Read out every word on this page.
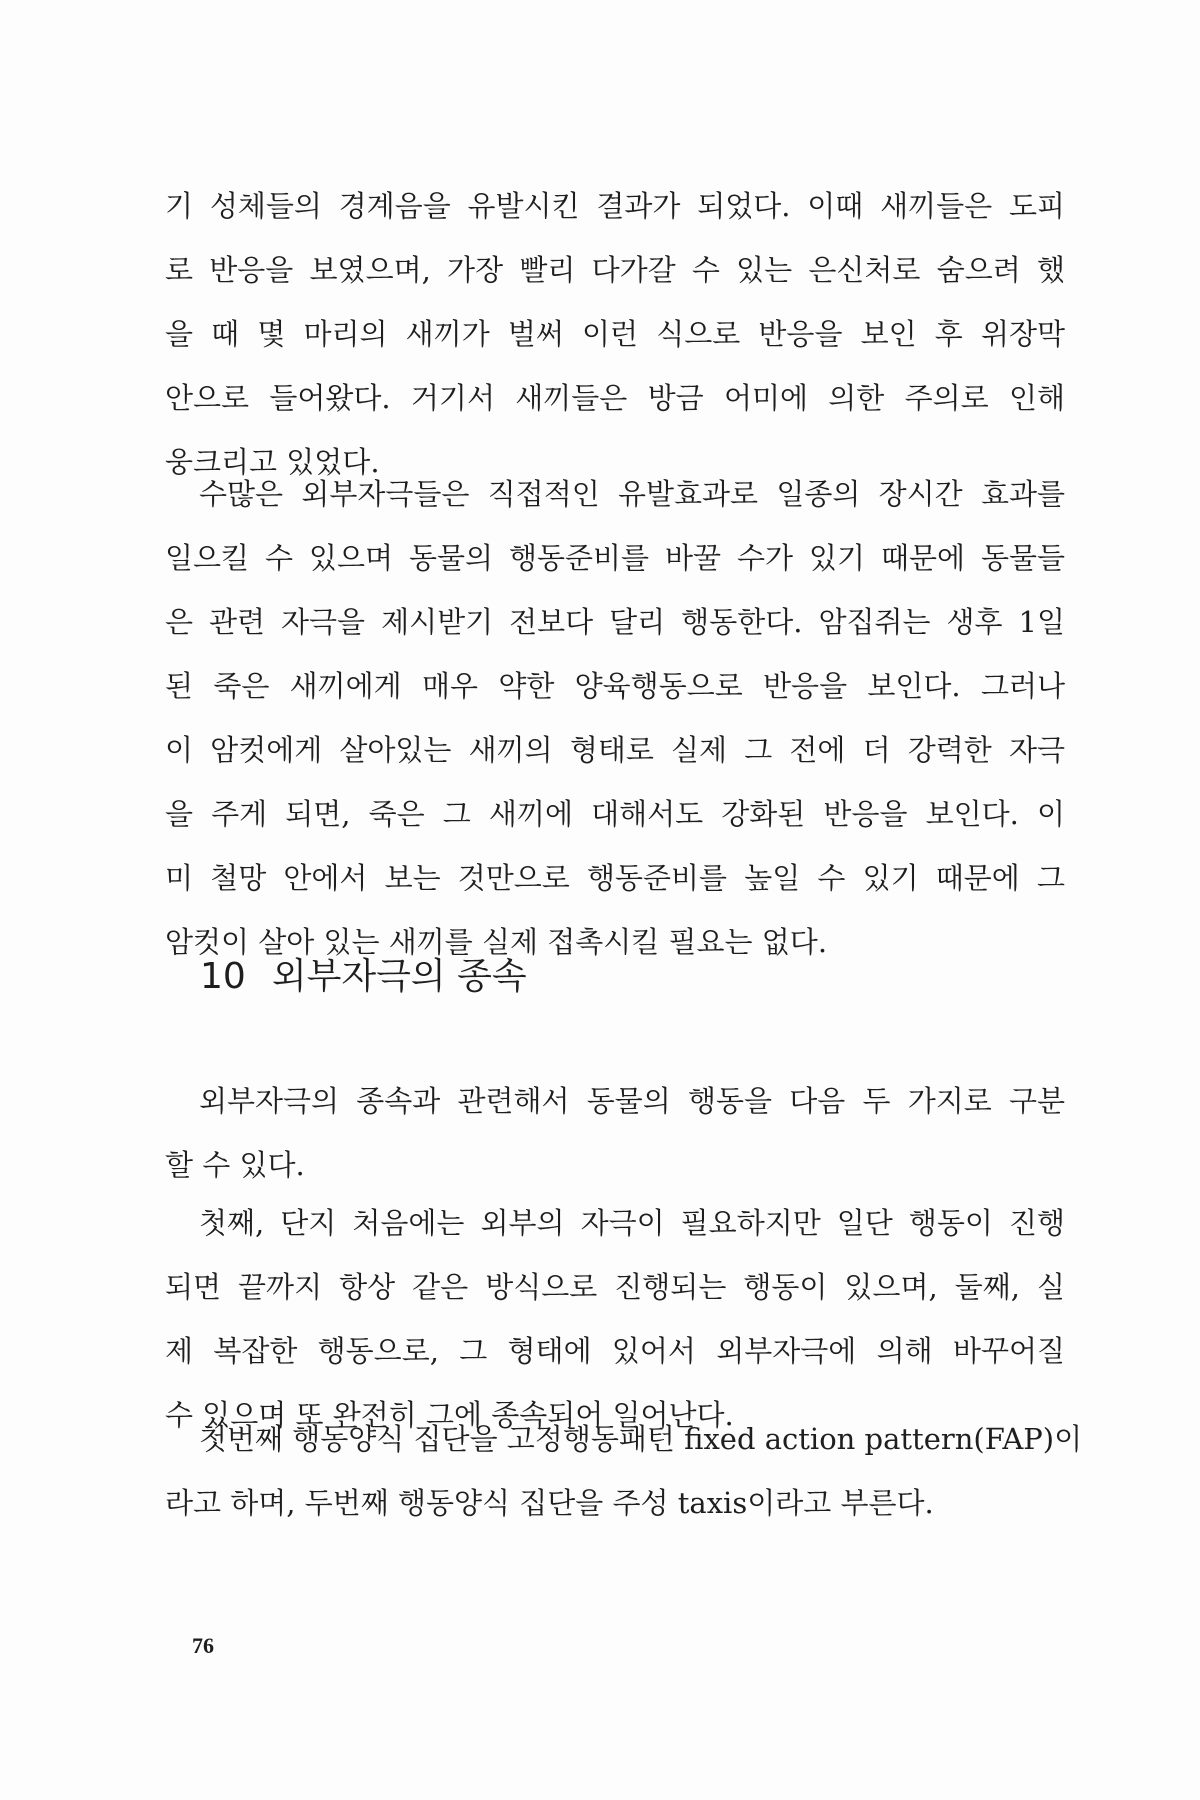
기 성체들의 경계음을 유발시킨 결과가 되었다. 이때 새끼들은 도피
로 반응을 보였으며, 가장 빨리 다가갈 수 있는 은신처로 숨으려 했
을 때 몇 마리의 새끼가 벌써 이런 식으로 반응을 보인 후 위장막
안으로 들어왔다. 거기서 새끼들은 방금 어미에 의한 주의로 인해
웅크리고 있었다.
수많은 외부자극들은 직접적인 유발효과로 일종의 장시간 효과를
일으킬 수 있으며 동물의 행동준비를 바꿀 수가 있기 때문에 동물들
은 관련 자극을 제시받기 전보다 달리 행동한다. 암집쥐는 생후 1일
된 죽은 새끼에게 매우 약한 양육행동으로 반응을 보인다. 그러나
이 암컷에게 살아있는 새끼의 형태로 실제 그 전에 더 강력한 자극
을 주게 되면, 죽은 그 새끼에 대해서도 강화된 반응을 보인다. 이
미 철망 안에서 보는 것만으로 행동준비를 높일 수 있기 때문에 그
암컷이 살아 있는 새끼를 실제 접촉시킬 필요는 없다.
10 외부자극의 종속
외부자극의 종속과 관련해서 동물의 행동을 다음 두 가지로 구분
할 수 있다.
첫째, 단지 처음에는 외부의 자극이 필요하지만 일단 행동이 진행
되면 끝까지 항상 같은 방식으로 진행되는 행동이 있으며, 둘째, 실
제 복잡한 행동으로, 그 형태에 있어서 외부자극에 의해 바꾸어질
수 있으며 또 완전히 그에 종속되어 일어난다.
첫번째 행동양식 집단을 고정행동패턴 fixed action pattern(FAP)이
라고 하며, 두번째 행동양식 집단을 주성 taxis이라고 부른다.
76
